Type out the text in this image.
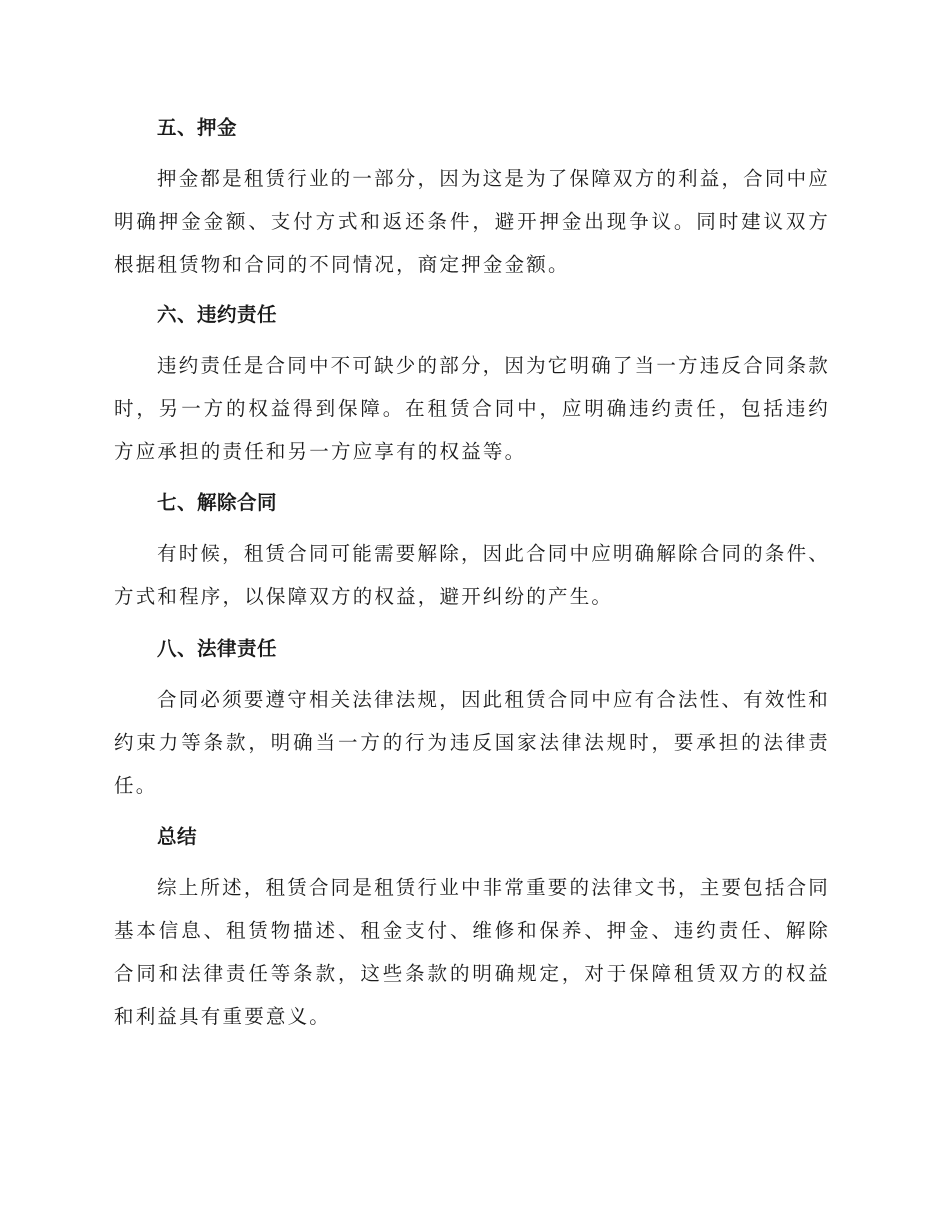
五、押金

押金都是租赁行业的一部分，因为这是为了保障双方的利益，合同中应明确押金金额、支付方式和返还条件，避开押金出现争议。同时建议双方根据租赁物和合同的不同情况，商定押金金额。

六、违约责任

违约责任是合同中不可缺少的部分，因为它明确了当一方违反合同条款时，另一方的权益得到保障。在租赁合同中，应明确违约责任，包括违约方应承担的责任和另一方应享有的权益等。

七、解除合同

有时候，租赁合同可能需要解除，因此合同中应明确解除合同的条件、方式和程序，以保障双方的权益，避开纠纷的产生。

八、法律责任

合同必须要遵守相关法律法规，因此租赁合同中应有合法性、有效性和约束力等条款，明确当一方的行为违反国家法律法规时，要承担的法律责任。

总结

综上所述，租赁合同是租赁行业中非常重要的法律文书，主要包括合同基本信息、租赁物描述、租金支付、维修和保养、押金、违约责任、解除合同和法律责任等条款，这些条款的明确规定，对于保障租赁双方的权益和利益具有重要意义。
